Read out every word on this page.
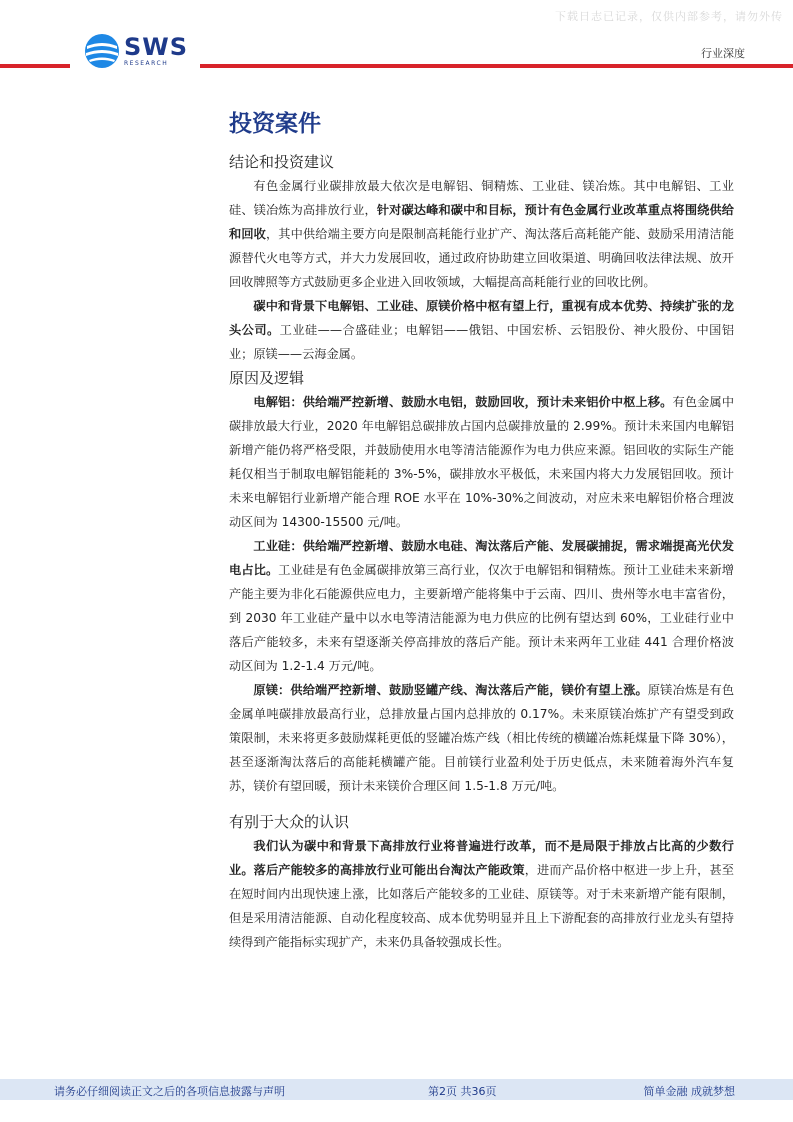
下载日志已记录，仅供内部参考，请勿外传
SWS
RESEARCH
行业深度
投资案件
结论和投资建议

有色金属行业碳排放最大依次是电解铝、铜精炼、工业硅、镁冶炼。其中电解铝、工业硅、镁冶炼为高排放行业，针对碳达峰和碳中和目标，预计有色金属行业改革重点将围绕供给和回收，其中供给端主要方向是限制高耗能行业扩产、淘汰落后高耗能产能、鼓励采用清洁能源替代火电等方式，并大力发展回收，通过政府协助建立回收渠道、明确回收法律法规、放开回收牌照等方式鼓励更多企业进入回收领域，大幅提高高耗能行业的回收比例。

碳中和背景下电解铝、工业硅、原镁价格中枢有望上行，重视有成本优势、持续扩张的龙头公司。工业硅——合盛硅业；电解铝——俄铝、中国宏桥、云铝股份、神火股份、中国铝业；原镁——云海金属。

原因及逻辑

电解铝：供给端严控新增、鼓励水电铝，鼓励回收，预计未来铝价中枢上移。有色金属中碳排放最大行业，2020 年电解铝总碳排放占国内总碳排放量的 2.99%。预计未来国内电解铝新增产能仍将严格受限，并鼓励使用水电等清洁能源作为电力供应来源。铝回收的实际生产能耗仅相当于制取电解铝能耗的 3%-5%，碳排放水平极低，未来国内将大力发展铝回收。预计未来电解铝行业新增产能合理 ROE 水平在 10%-30%之间波动，对应未来电解铝价格合理波动区间为 14300-15500 元/吨。

工业硅：供给端严控新增、鼓励水电硅、淘汰落后产能、发展碳捕捉，需求端提高光伏发电占比。工业硅是有色金属碳排放第三高行业，仅次于电解铝和铜精炼。预计工业硅未来新增产能主要为非化石能源供应电力，主要新增产能将集中于云南、四川、贵州等水电丰富省份，到 2030 年工业硅产量中以水电等清洁能源为电力供应的比例有望达到 60%，工业硅行业中落后产能较多，未来有望逐渐关停高排放的落后产能。预计未来两年工业硅 441 合理价格波动区间为 1.2-1.4 万元/吨。

原镁：供给端严控新增、鼓励竖罐产线、淘汰落后产能，镁价有望上涨。原镁冶炼是有色金属单吨碳排放最高行业，总排放量占国内总排放的 0.17%。未来原镁冶炼扩产有望受到政策限制，未来将更多鼓励煤耗更低的竖罐冶炼产线（相比传统的横罐冶炼耗煤量下降 30%），甚至逐渐淘汰落后的高能耗横罐产能。目前镁行业盈利处于历史低点，未来随着海外汽车复苏，镁价有望回暖，预计未来镁价合理区间 1.5-1.8 万元/吨。

有别于大众的认识

我们认为碳中和背景下高排放行业将普遍进行改革，而不是局限于排放占比高的少数行业。落后产能较多的高排放行业可能出台淘汰产能政策，进而产品价格中枢进一步上升，甚至在短时间内出现快速上涨，比如落后产能较多的工业硅、原镁等。对于未来新增产能有限制，但是采用清洁能源、自动化程度较高、成本优势明显并且上下游配套的高排放行业龙头有望持续得到产能指标实现扩产，未来仍具备较强成长性。

请务必仔细阅读正文之后的各项信息披露与声明	第2页 共36页	简单金融 成就梦想
